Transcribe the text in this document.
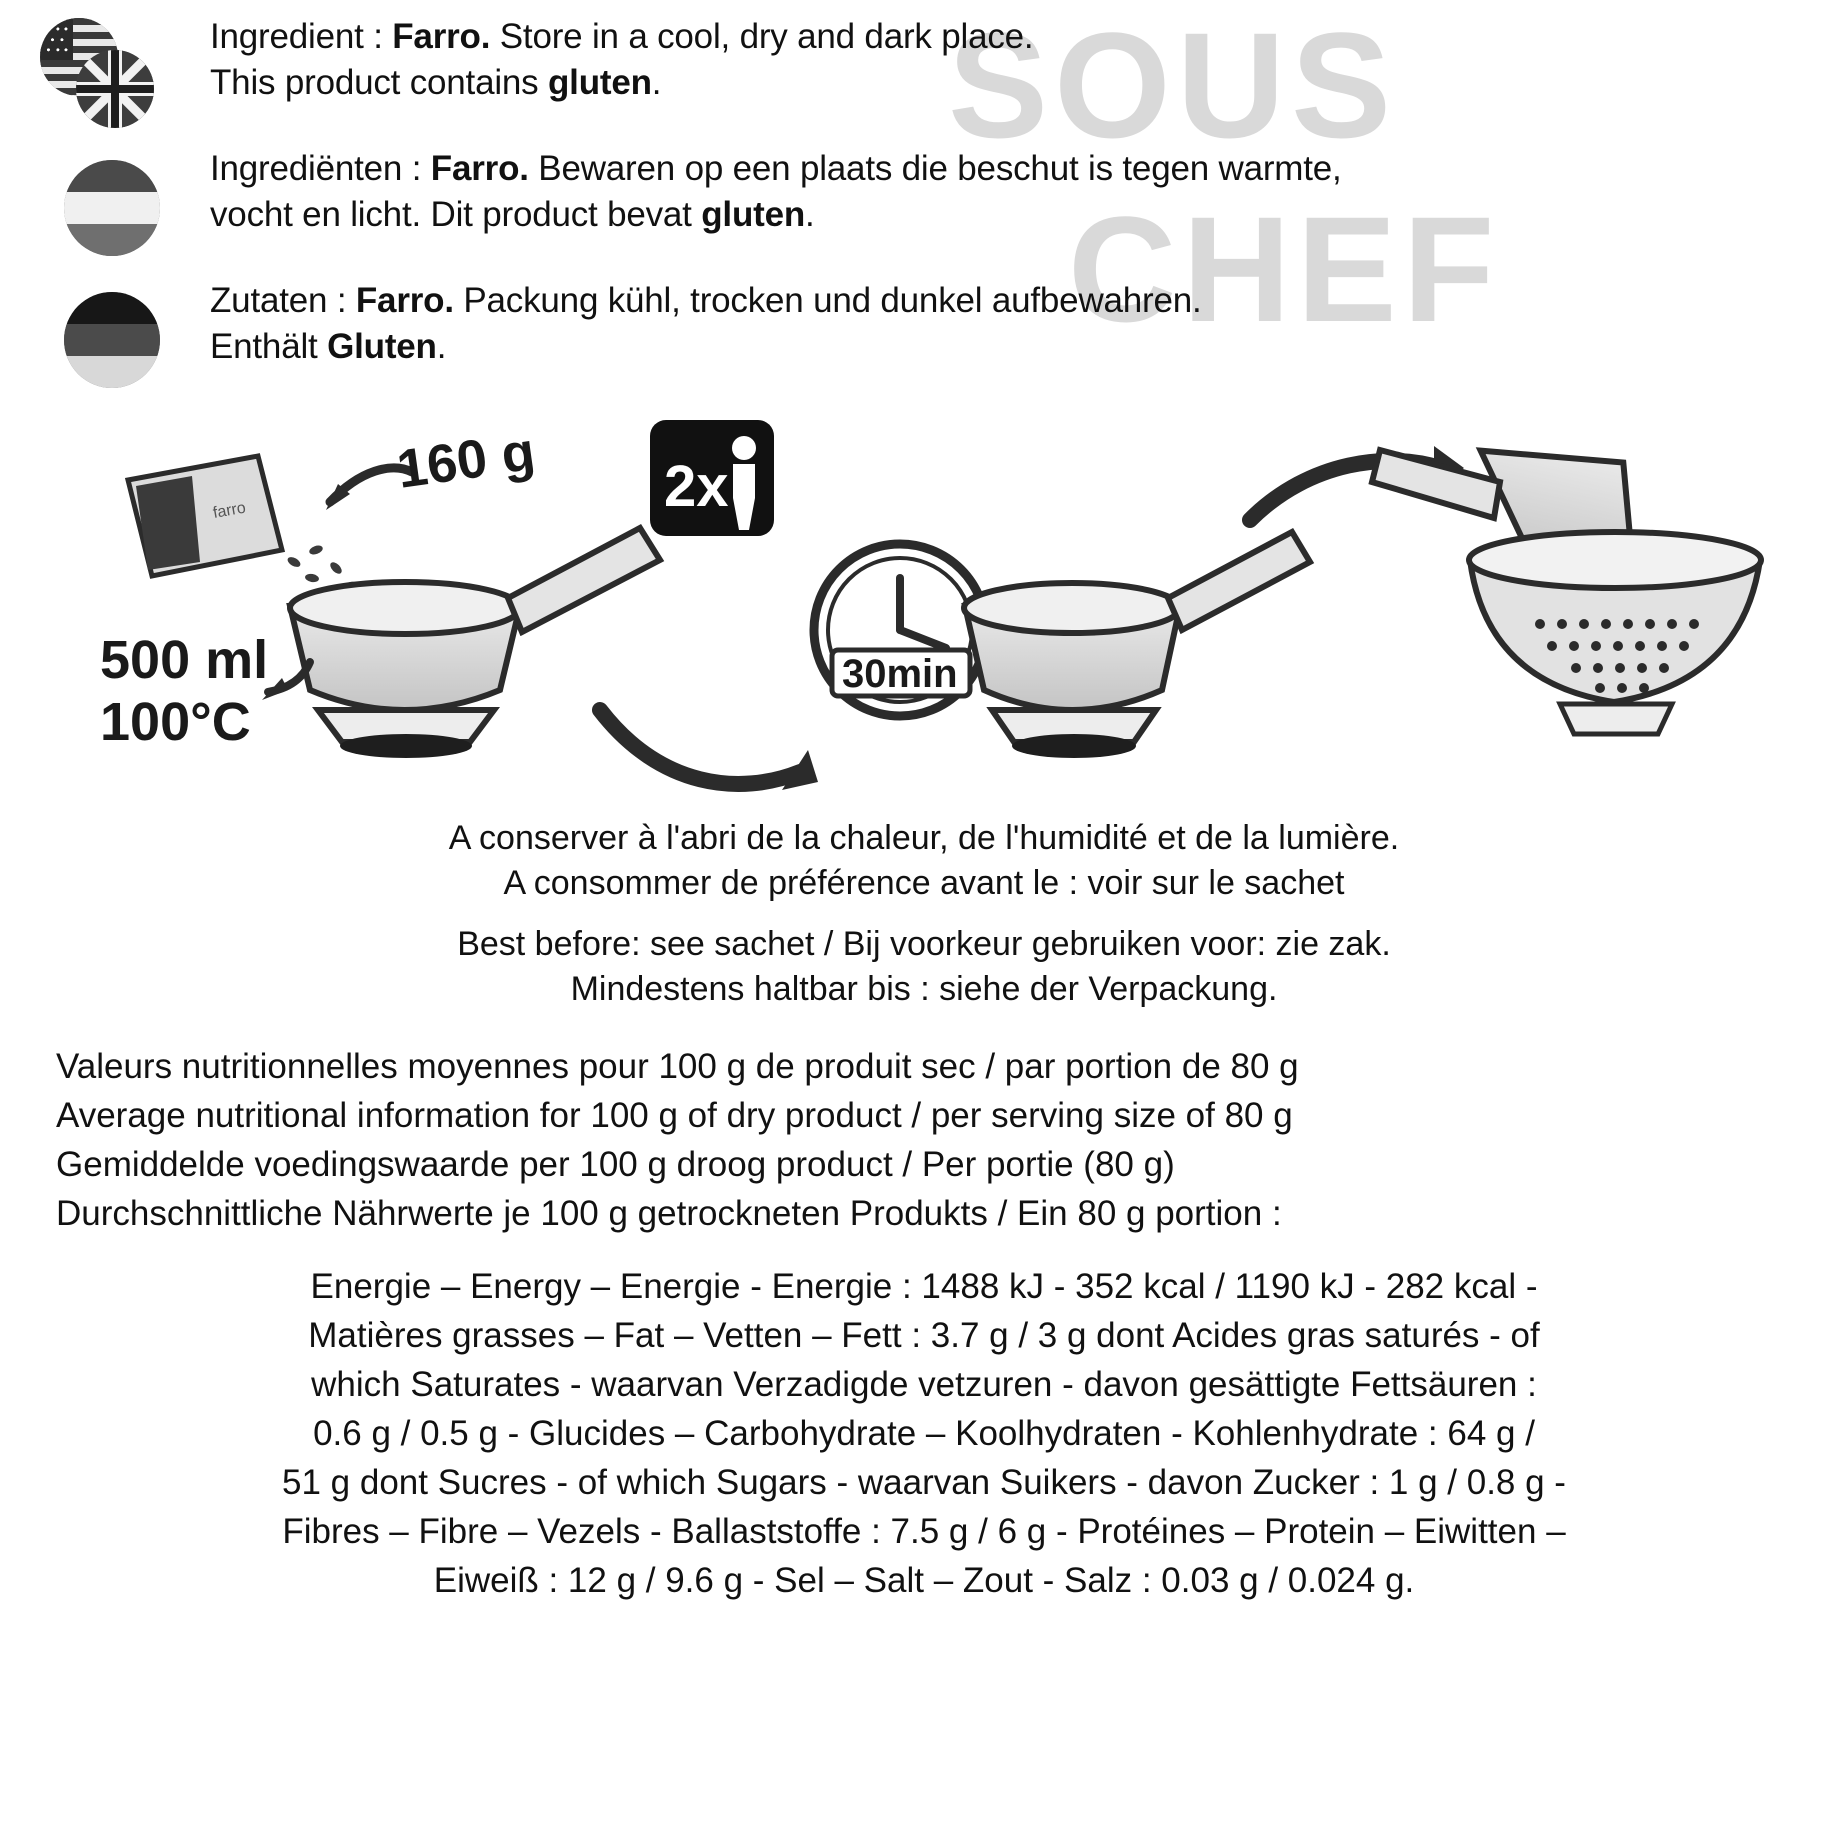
SOUS
CHEF
Ingredient : Farro. Store in a cool, dry and dark place.
This product contains gluten.
Ingrediënten : Farro. Bewaren op een plaats die beschut is tegen warmte,
vocht en licht. Dit product bevat gluten.
Zutaten : Farro. Packung kühl, trocken und dunkel aufbewahren.
Enthält Gluten.
farro
160 g
500 ml
100°C
2x
30min
A conserver à l'abri de la chaleur, de l'humidité et de la lumière.
A consommer de préférence avant le : voir sur le sachet
Best before: see sachet / Bij voorkeur gebruiken voor: zie zak.
Mindestens haltbar bis : siehe der Verpackung.
Valeurs nutritionnelles moyennes pour 100 g de produit sec / par portion de 80 g
Average nutritional information for 100 g of dry product / per serving size of 80 g
Gemiddelde voedingswaarde per 100 g droog product / Per portie (80 g)
Durchschnittliche Nährwerte je 100 g getrockneten Produkts / Ein 80 g portion :
Energie – Energy – Energie - Energie : 1488 kJ - 352 kcal / 1190 kJ - 282 kcal -
Matières grasses – Fat – Vetten – Fett : 3.7 g / 3 g dont Acides gras saturés - of
which Saturates - waarvan Verzadigde vetzuren - davon gesättigte Fettsäuren :
0.6 g / 0.5 g - Glucides – Carbohydrate – Koolhydraten - Kohlenhydrate : 64 g /
51 g dont Sucres - of which Sugars - waarvan Suikers - davon Zucker : 1 g / 0.8 g -
Fibres – Fibre – Vezels - Ballaststoffe : 7.5 g / 6 g - Protéines – Protein – Eiwitten –
Eiweiß : 12 g / 9.6 g - Sel – Salt – Zout - Salz : 0.03 g / 0.024 g.
